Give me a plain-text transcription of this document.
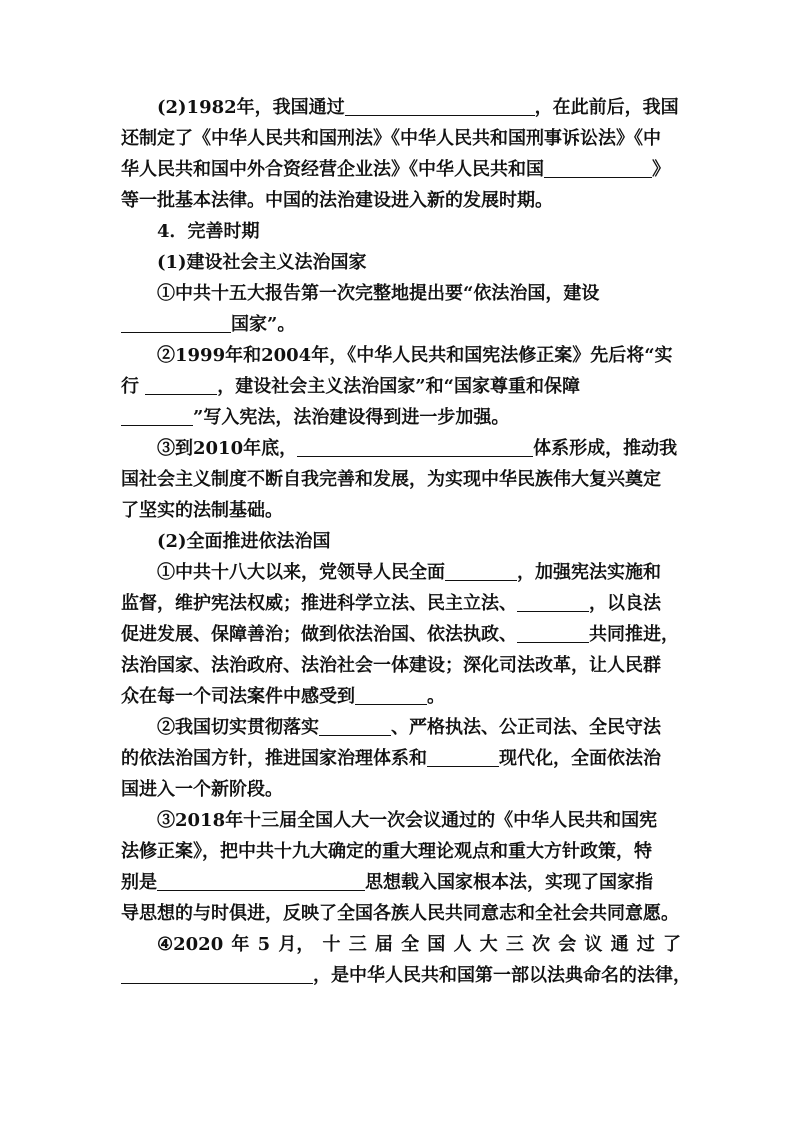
(2)1982年，我国通过	，在此前后，我国
还制定了《中华人民共和国刑法》《中华人民共和国刑事诉讼法》《中
华人民共和国中外合资经营企业法》《中华人民共和国	》
等一批基本法律。中国的法治建设进入新的发展时期。
4．完善时期
(1)建设社会主义法治国家
①中共十五大报告第一次完整地提出要“依法治国，建设
国家”。
②1999年和2004年，《中华人民共和国宪法修正案》先后将“实
行	，建设社会主义法治国家”和“国家尊重和保障
”写入宪法，法治建设得到进一步加强。
③到2010年底，	体系形成，推动我
国社会主义制度不断自我完善和发展，为实现中华民族伟大复兴奠定
了坚实的法制基础。
(2)全面推进依法治国
①中共十八大以来，党领导人民全面	，加强宪法实施和
监督，维护宪法权威；推进科学立法、民主立法、	，以良法
促进发展、保障善治；做到依法治国、依法执政、	共同推进，
法治国家、法治政府、法治社会一体建设；深化司法改革，让人民群
众在每一个司法案件中感受到	。
②我国切实贯彻落实	、严格执法、公正司法、全民守法
的依法治国方针，推进国家治理体系和	现代化，全面依法治
国进入一个新阶段。
③2018年十三届全国人大一次会议通过的《中华人民共和国宪
法修正案》，把中共十九大确定的重大理论观点和重大方针政策，特
别是	思想载入国家根本法，实现了国家指
导思想的与时俱进，反映了全国各族人民共同意志和全社会共同意愿。
④2020 年 5 月， 十 三 届 全 国 人 大 三 次 会 议 通 过 了
，是中华人民共和国第一部以法典命名的法律，
